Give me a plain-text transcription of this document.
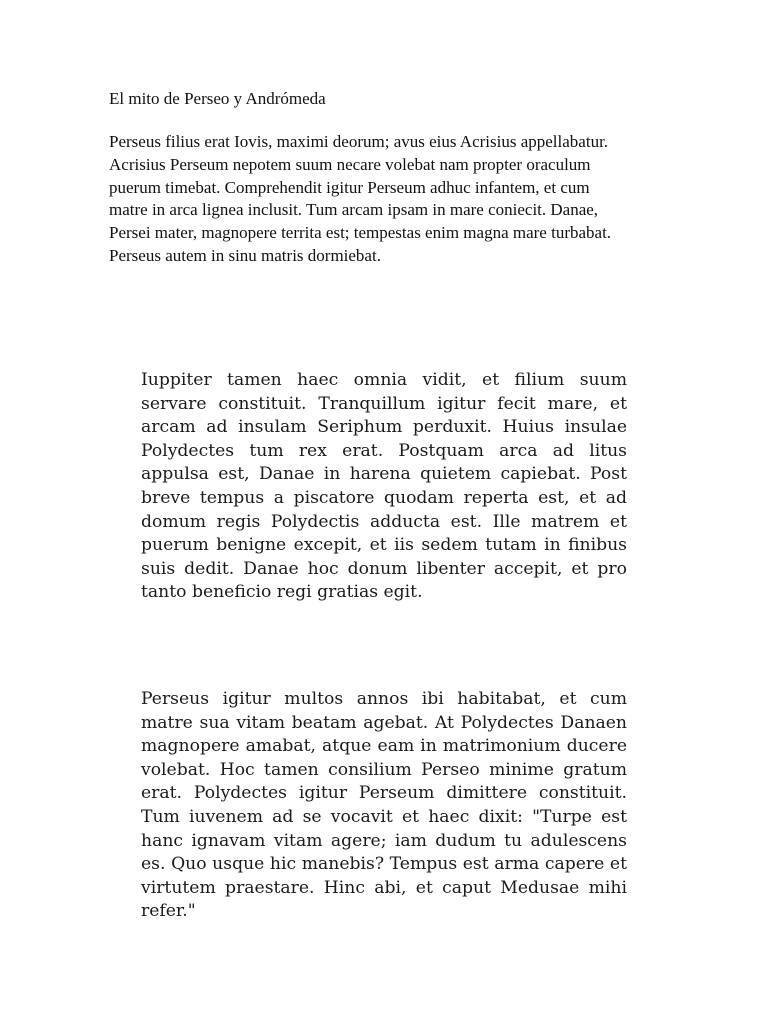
El mito de Perseo y Andrómeda

Perseus filius erat Iovis, maximi deorum; avus eius Acrisius appellabatur. Acrisius Perseum nepotem suum necare volebat nam propter oraculum puerum timebat. Comprehendit igitur Perseum adhuc infantem, et cum matre in arca lignea inclusit. Tum arcam ipsam in mare coniecit. Danae, Persei mater, magnopere territa est; tempestas enim magna mare turbabat. Perseus autem in sinu matris dormiebat.

Iuppiter tamen haec omnia vidit, et filium suum servare constituit. Tranquillum igitur fecit mare, et arcam ad insulam Seriphum perduxit. Huius insulae Polydectes tum rex erat. Postquam arca ad litus appulsa est, Danae in harena quietem capiebat. Post breve tempus a piscatore quodam reperta est, et ad domum regis Polydectis adducta est. Ille matrem et puerum benigne excepit, et iis sedem tutam in finibus suis dedit. Danae hoc donum libenter accepit, et pro tanto beneficio regi gratias egit.

Perseus igitur multos annos ibi habitabat, et cum matre sua vitam beatam agebat. At Polydectes Danaen magnopere amabat, atque eam in matrimonium ducere volebat. Hoc tamen consilium Perseo minime gratum erat. Polydectes igitur Perseum dimittere constituit. Tum iuvenem ad se vocavit et haec dixit: "Turpe est hanc ignavam vitam agere; iam dudum tu adulescens es. Quo usque hic manebis? Tempus est arma capere et virtutem praestare. Hinc abi, et caput Medusae mihi refer."
